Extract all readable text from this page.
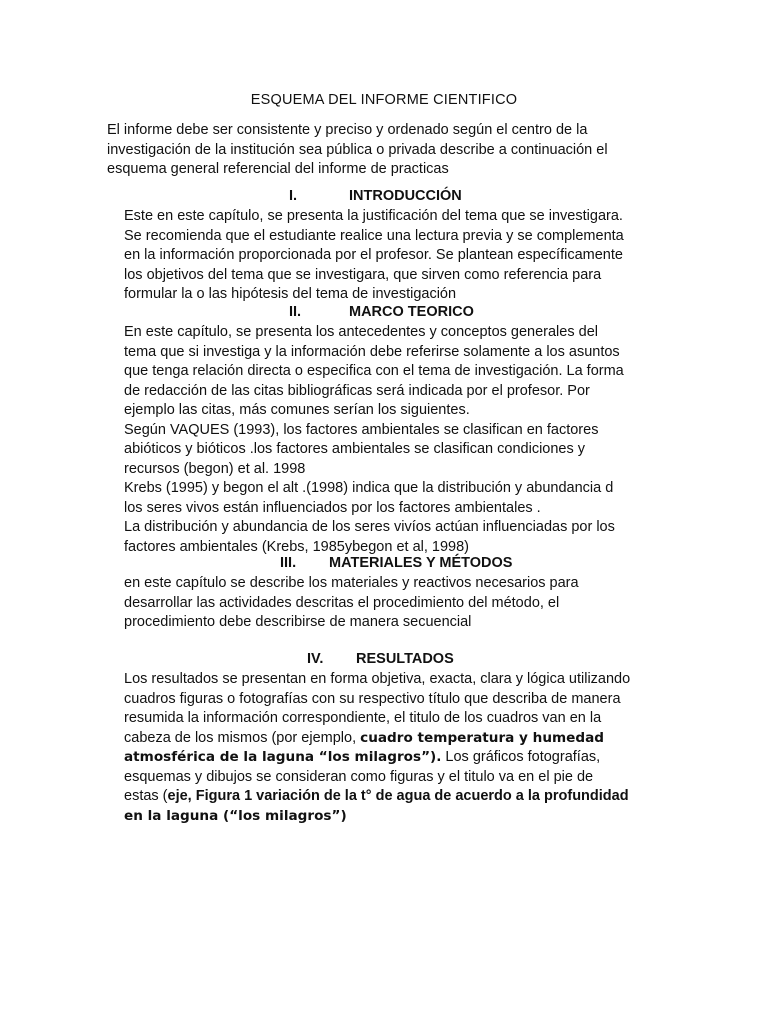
ESQUEMA DEL INFORME CIENTIFICO

El informe debe ser consistente y preciso y ordenado según el centro de la

investigación de la institución sea pública o privada describe a continuación el

esquema general referencial del informe de practicas

I.	INTRODUCCIÓN

Este en este capítulo, se presenta la justificación del tema que se investigara.

Se recomienda que el estudiante realice una lectura previa y se complementa

en la información proporcionada por el profesor. Se plantean específicamente

los objetivos del tema que se investigara, que sirven como referencia para

formular la o las hipótesis del tema de investigación

II.	MARCO TEORICO

En este capítulo, se presenta los antecedentes y conceptos generales del

tema que si investiga y la información debe referirse solamente a los asuntos

que tenga relación directa o especifica con el tema de investigación. La forma

de redacción de las citas bibliográficas será indicada por el profesor. Por

ejemplo las citas, más comunes serían los siguientes.

Según VAQUES (1993), los factores ambientales se clasifican en factores

abióticos y bióticos .los factores ambientales se clasifican condiciones y

recursos (begon) et al. 1998

Krebs (1995) y begon el alt .(1998) indica que la distribución y abundancia d

los seres vivos están influenciados por los factores ambientales .

La distribución y abundancia de los seres vivíos actúan influenciadas por los

factores ambientales (Krebs, 1985ybegon et al, 1998)

III. MATERIALES Y MÉTODOS

en este capítulo se describe los materiales y reactivos necesarios para

desarrollar las actividades descritas el procedimiento del método, el

procedimiento debe describirse de manera secuencial

IV. RESULTADOS

Los resultados se presentan en forma objetiva, exacta, clara y lógica utilizando

cuadros figuras o fotografías con su respectivo título que describa de manera

resumida la información correspondiente, el titulo de los cuadros van en la

cabeza de los mismos (por ejemplo, cuadro temperatura y humedad

atmosférica de la laguna “los milagros”). Los gráficos fotografías,

esquemas y dibujos se consideran como figuras y el titulo va en el pie de

estas (eje, Figura 1 variación de la t° de agua de acuerdo a la profundidad

en la laguna (“los milagros”)
